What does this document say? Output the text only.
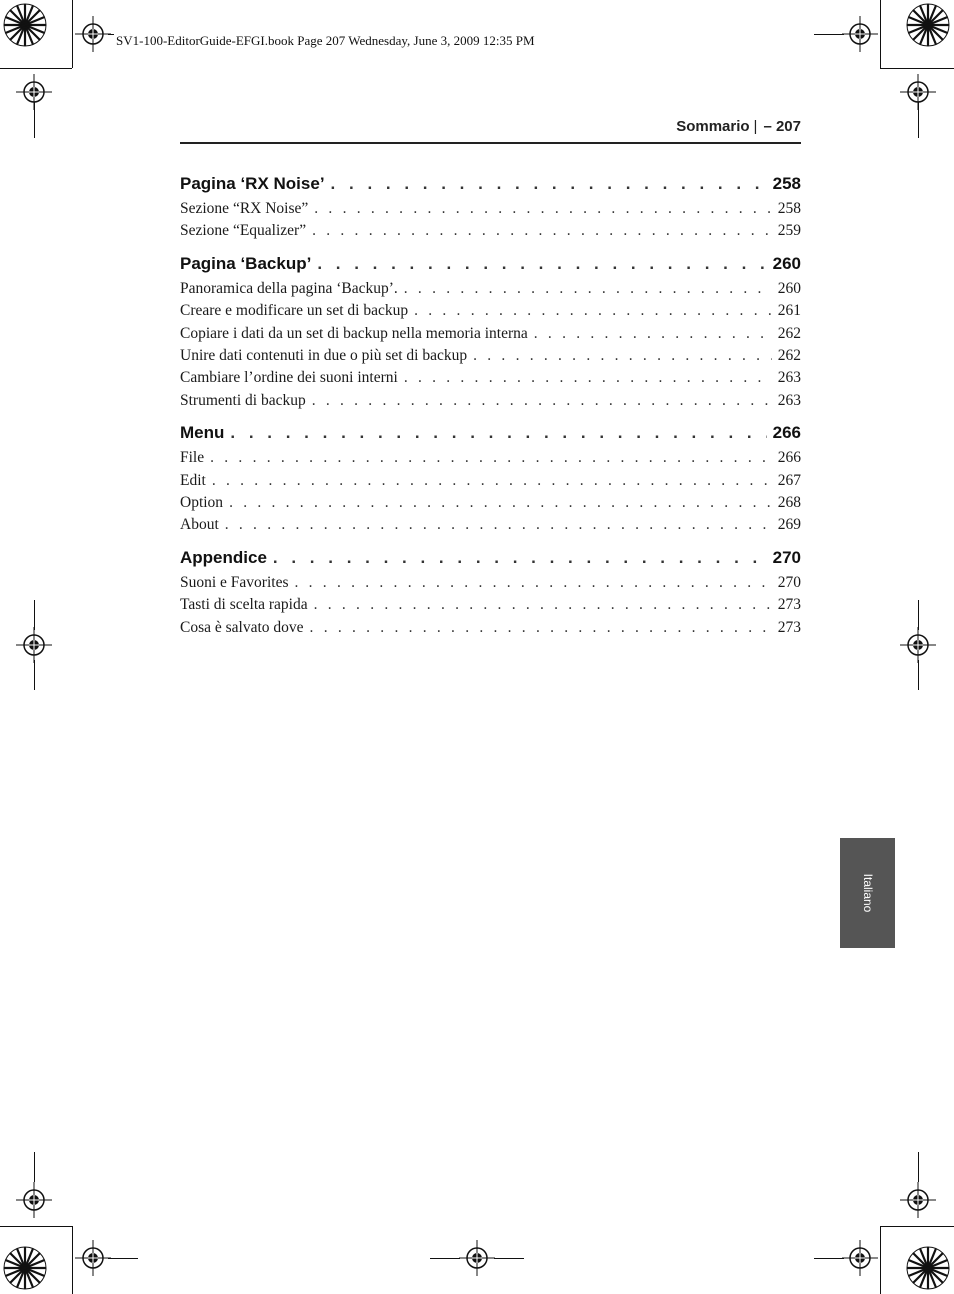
SV1-100-EditorGuide-EFGI.book Page 207 Wednesday, June 3, 2009 12:35 PM
Sommario | – 207
Pagina ‘RX Noise’ . . .	258
Sezione “RX Noise” . . .	258
Sezione “Equalizer” . . .	259
Pagina ‘Backup’ . . .	260
Panoramica della pagina ‘Backup’. . . .	260
Creare e modificare un set di backup . . .	261
Copiare i dati da un set di backup nella memoria interna . . .	262
Unire dati contenuti in due o più set di backup . . .	262
Cambiare l’ordine dei suoni interni . . .	263
Strumenti di backup . . .	263
Menu . . .	266
File . . .	266
Edit . . .	267
Option . . .	268
About . . .	269
Appendice . . .	270
Suoni e Favorites . . .	270
Tasti di scelta rapida . . .	273
Cosa è salvato dove . . .	273
Italiano
